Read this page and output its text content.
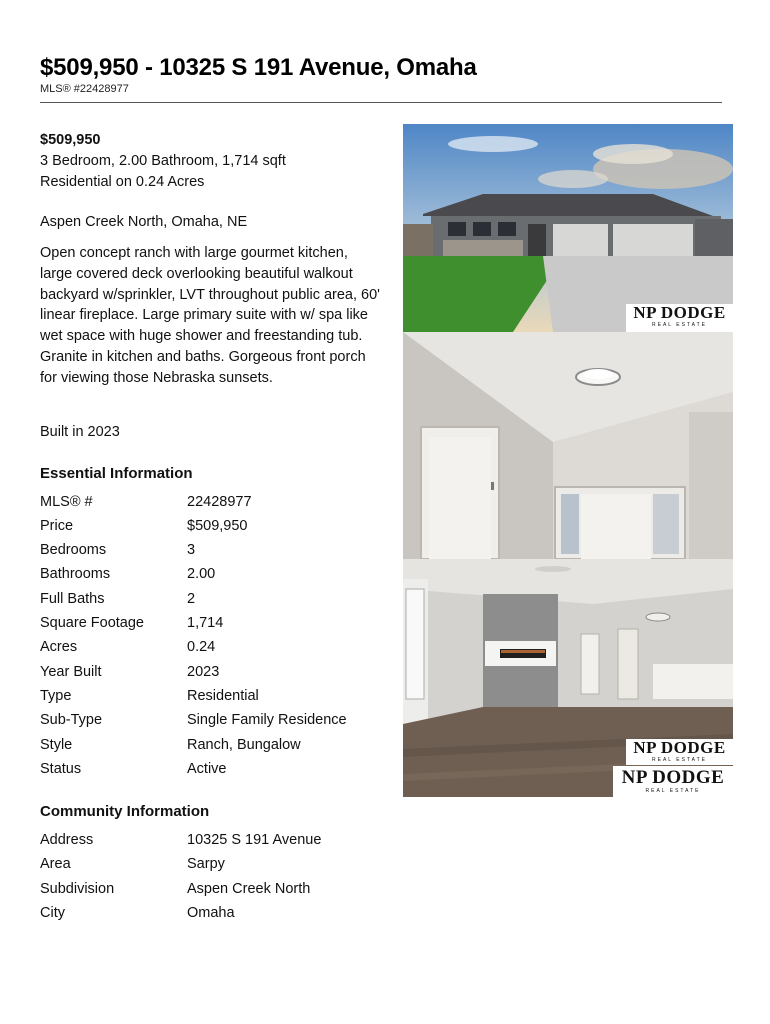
$509,950 - 10325 S 191 Avenue, Omaha
MLS® #22428977
$509,950
3 Bedroom, 2.00 Bathroom, 1,714 sqft
Residential on 0.24 Acres
Aspen Creek North, Omaha, NE
Open concept ranch with large gourmet kitchen, large covered deck overlooking beautiful walkout backyard w/sprinkler, LVT throughout public area, 60' linear fireplace. Large primary suite with w/ spa like wet space with huge shower and freestanding tub. Granite in kitchen and baths. Gorgeous front porch for viewing those Nebraska sunsets.
Built in 2023
Essential Information
MLS® #	22428977
Price	$509,950
Bedrooms	3
Bathrooms	2.00
Full Baths	2
Square Footage	1,714
Acres	0.24
Year Built	2023
Type	Residential
Sub-Type	Single Family Residence
Style	Ranch, Bungalow
Status	Active
Community Information
Address	10325 S 191 Avenue
Area	Sarpy
Subdivision	Aspen Creek North
City	Omaha
NP DODGE
REAL ESTATE
NP DODGE
REAL ESTATE
NP DODGE
REAL ESTATE
